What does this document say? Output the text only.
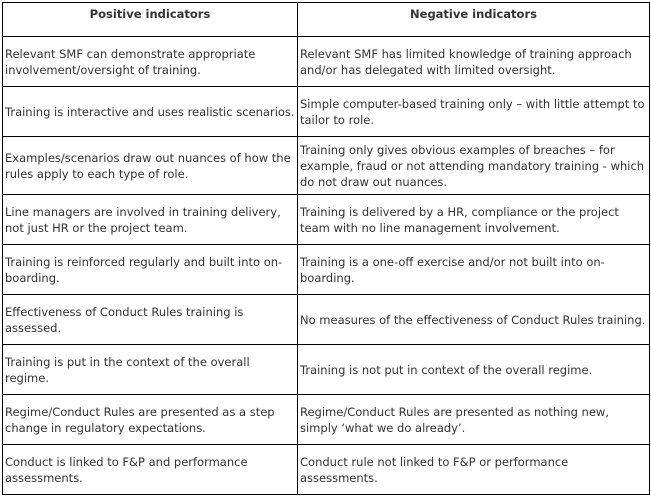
Positive indicators	Negative indicators
Relevant SMF can demonstrate appropriate involvement/oversight of training.	Relevant SMF has limited knowledge of training approach and/or has delegated with limited oversight.
Training is interactive and uses realistic scenarios.	Simple computer-based training only – with little attempt to tailor to role.
Examples/scenarios draw out nuances of how the rules apply to each type of role.	Training only gives obvious examples of breaches – for example, fraud or not attending mandatory training - which do not draw out nuances.
Line managers are involved in training delivery, not just HR or the project team.	Training is delivered by a HR, compliance or the project team with no line management involvement.
Training is reinforced regularly and built into on-boarding.	Training is a one-off exercise and/or not built into on-boarding.
Effectiveness of Conduct Rules training is assessed.	No measures of the effectiveness of Conduct Rules training.
Training is put in the context of the overall regime.	Training is not put in context of the overall regime.
Regime/Conduct Rules are presented as a step change in regulatory expectations.	Regime/Conduct Rules are presented as nothing new, simply ‘what we do already’.
Conduct is linked to F&P and performance assessments.	Conduct rule not linked to F&P or performance assessments.
